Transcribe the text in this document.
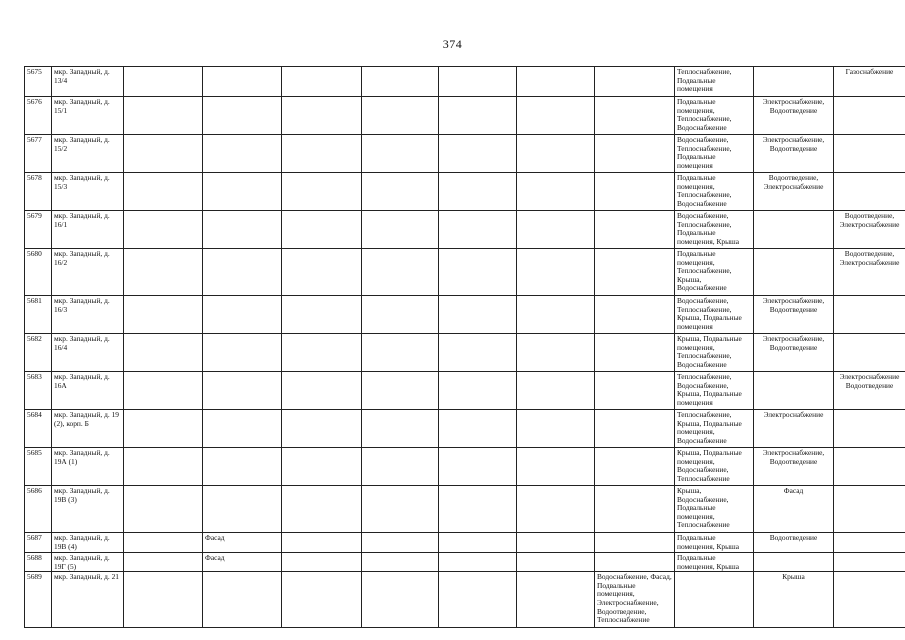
374
5675	мкр. Западный, д. 13/4								Теплоснабжение, Подвальные помещения		Газоснабжение
5676	мкр. Западный, д. 15/1								Подвальные помещения, Теплоснабжение, Водоснабжение	Электроснабжение, Водоотведение	
5677	мкр. Западный, д. 15/2								Водоснабжение, Теплоснабжение, Подвальные помещения	Электроснабжение, Водоотведение	
5678	мкр. Западный, д. 15/3								Подвальные помещения, Теплоснабжение, Водоснабжение	Водоотведение, Электроснабжение	
5679	мкр. Западный, д. 16/1								Водоснабжение, Теплоснабжение, Подвальные помещения, Крыша		Водоотведение, Электроснабжение
5680	мкр. Западный, д. 16/2								Подвальные помещения, Теплоснабжение, Крыша, Водоснабжение		Водоотведение, Электроснабжение
5681	мкр. Западный, д. 16/3								Водоснабжение, Теплоснабжение, Крыша, Подвальные помещения	Электроснабжение, Водоотведение	
5682	мкр. Западный, д. 16/4								Крыша, Подвальные помещения, Теплоснабжение, Водоснабжение	Электроснабжение, Водоотведение	
5683	мкр. Западный, д. 16А								Теплоснабжение, Водоснабжение, Крыша, Подвальные помещения		Электроснабжение Водоотведение
5684	мкр. Западный, д. 19 (2), корп. Б								Теплоснабжение, Крыша, Подвальные помещения, Водоснабжение	Электроснабжение	
5685	мкр. Западный, д. 19А (1)								Крыша, Подвальные помещения, Водоснабжение, Теплоснабжение	Электроснабжение, Водоотведение	
5686	мкр. Западный, д. 19В (3)								Крыша, Водоснабжение, Подвальные помещения, Теплоснабжение	Фасад	
5687	мкр. Западный, д. 19В (4)		Фасад						Подвальные помещения, Крыша	Водоотведение	
5688	мкр. Западный, д. 19Г (5)		Фасад						Подвальные помещения, Крыша		
5689	мкр. Западный, д. 21							Водоснабжение, Фасад, Подвальные помещения, Электроснабжение, Водоотведение, Теплоснабжение		Крыша	
